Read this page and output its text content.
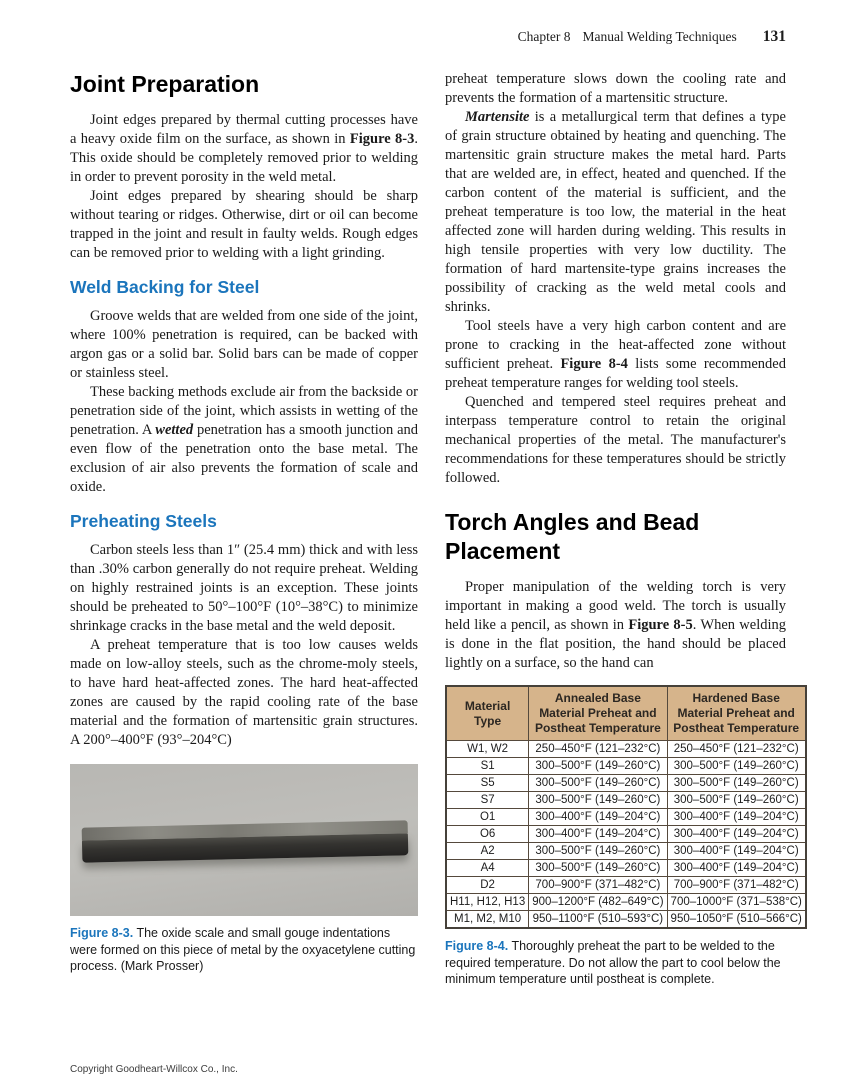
Chapter 8 Manual Welding Techniques 131
Joint Preparation

Joint edges prepared by thermal cutting processes have a heavy oxide film on the surface, as shown in Figure 8-3. This oxide should be completely removed prior to welding in order to prevent porosity in the weld metal.

Joint edges prepared by shearing should be sharp without tearing or ridges. Otherwise, dirt or oil can become trapped in the joint and result in faulty welds. Rough edges can be removed prior to welding with a light grinding.

Weld Backing for Steel

Groove welds that are welded from one side of the joint, where 100% penetration is required, can be backed with argon gas or a solid bar. Solid bars can be made of copper or stainless steel.

These backing methods exclude air from the backside or penetration side of the joint, which assists in wetting of the penetration. A wetted penetration has a smooth junction and even flow of the penetration onto the base metal. The exclusion of air also prevents the formation of scale and oxide.

Preheating Steels

Carbon steels less than 1″ (25.4 mm) thick and with less than .30% carbon generally do not require preheat. Welding on highly restrained joints is an exception. These joints should be preheated to 50°–100°F (10°–38°C) to minimize shrinkage cracks in the base metal and the weld deposit.

A preheat temperature that is too low causes welds made on low-alloy steels, such as the chrome-moly steels, to have hard heat-affected zones. The hard heat-affected zones are caused by the rapid cooling rate of the base material and the formation of martensitic grain structures. A 200°–400°F (93°–204°C)

Figure 8-3. The oxide scale and small gouge indentations were formed on this piece of metal by the oxyacetylene cutting process. (Mark Prosser)

preheat temperature slows down the cooling rate and prevents the formation of a martensitic structure.

Martensite is a metallurgical term that defines a type of grain structure obtained by heating and quenching. The martensitic grain structure makes the metal hard. Parts that are welded are, in effect, heated and quenched. If the carbon content of the material is sufficient, and the preheat temperature is too low, the material in the heat affected zone will harden during welding. This results in high tensile properties with very low ductility. The formation of hard martensite-type grains increases the possibility of cracking as the weld metal cools and shrinks.

Tool steels have a very high carbon content and are prone to cracking in the heat-affected zone without sufficient preheat. Figure 8-4 lists some recommended preheat temperature ranges for welding tool steels.

Quenched and tempered steel requires preheat and interpass temperature control to retain the original mechanical properties of the metal. The manufacturer's recommendations for these temperatures should be strictly followed.

Torch Angles and Bead Placement

Proper manipulation of the welding torch is very important in making a good weld. The torch is usually held like a pencil, as shown in Figure 8-5. When welding is done in the flat position, the hand should be placed lightly on a surface, so the hand can

Material Type	Annealed Base Material Preheat and Postheat Temperature	Hardened Base Material Preheat and Postheat Temperature
W1, W2	250–450°F (121–232°C)	250–450°F (121–232°C)
S1	300–500°F (149–260°C)	300–500°F (149–260°C)
S5	300–500°F (149–260°C)	300–500°F (149–260°C)
S7	300–500°F (149–260°C)	300–500°F (149–260°C)
O1	300–400°F (149–204°C)	300–400°F (149–204°C)
O6	300–400°F (149–204°C)	300–400°F (149–204°C)
A2	300–500°F (149–260°C)	300–400°F (149–204°C)
A4	300–500°F (149–260°C)	300–400°F (149–204°C)
D2	700–900°F (371–482°C)	700–900°F (371–482°C)
H11, H12, H13	900–1200°F (482–649°C)	700–1000°F (371–538°C)
M1, M2, M10	950–1100°F (510–593°C)	950–1050°F (510–566°C)

Figure 8-4. Thoroughly preheat the part to be welded to the required temperature. Do not allow the part to cool below the minimum temperature until postheat is complete.

Copyright Goodheart-Willcox Co., Inc.
